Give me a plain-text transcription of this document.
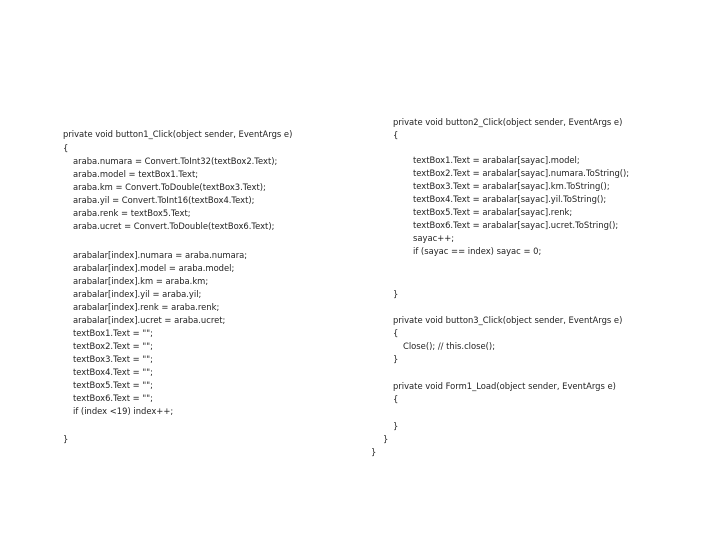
private void button1_Click(object sender, EventArgs e)
{
araba.numara = Convert.ToInt32(textBox2.Text);
araba.model = textBox1.Text;
araba.km = Convert.ToDouble(textBox3.Text);
araba.yil = Convert.ToInt16(textBox4.Text);
araba.renk = textBox5.Text;
araba.ucret = Convert.ToDouble(textBox6.Text);
arabalar[index].numara = araba.numara;
arabalar[index].model = araba.model;
arabalar[index].km = araba.km;
arabalar[index].yil = araba.yil;
arabalar[index].renk = araba.renk;
arabalar[index].ucret = araba.ucret;
textBox1.Text = "";
textBox2.Text = "";
textBox3.Text = "";
textBox4.Text = "";
textBox5.Text = "";
textBox6.Text = "";
if (index <19) index++;
}
private void button2_Click(object sender, EventArgs e)
{
textBox1.Text = arabalar[sayac].model;
textBox2.Text = arabalar[sayac].numara.ToString();
textBox3.Text = arabalar[sayac].km.ToString();
textBox4.Text = arabalar[sayac].yil.ToString();
textBox5.Text = arabalar[sayac].renk;
textBox6.Text = arabalar[sayac].ucret.ToString();
sayac++;
if (sayac == index) sayac = 0;
}
private void button3_Click(object sender, EventArgs e)
{
Close(); // this.close();
}
private void Form1_Load(object sender, EventArgs e)
{
}
}
}
